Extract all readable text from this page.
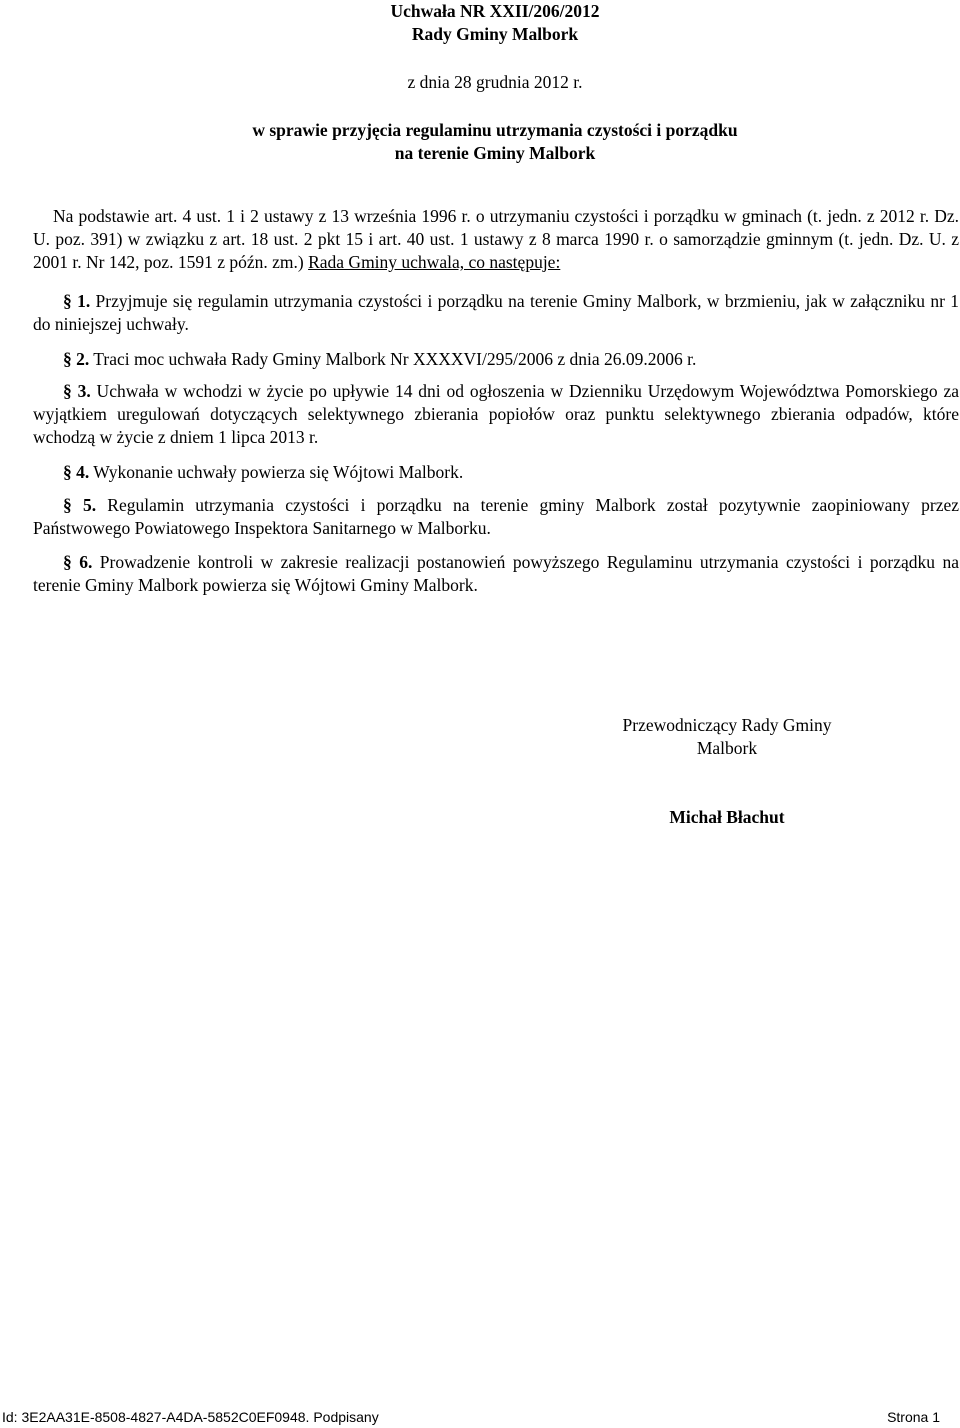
Uchwała NR XXII/206/2012
Rady Gminy Malbork
z dnia 28 grudnia 2012 r.
w sprawie przyjęcia regulaminu utrzymania czystości i porządku
na terenie Gminy Malbork
Na podstawie art. 4 ust. 1 i 2 ustawy z 13 września 1996 r. o utrzymaniu czystości i porządku w gminach (t. jedn. z 2012 r. Dz. U. poz. 391) w związku z art. 18 ust. 2 pkt 15 i art. 40 ust. 1 ustawy z 8 marca 1990 r. o samorządzie gminnym (t. jedn. Dz. U. z 2001 r. Nr 142, poz. 1591 z późn. zm.) Rada Gminy uchwala, co następuje:
§ 1. Przyjmuje się regulamin utrzymania czystości i porządku na terenie Gminy Malbork, w brzmieniu, jak w załączniku nr 1 do niniejszej uchwały.
§ 2. Traci moc uchwała Rady Gminy Malbork Nr XXXXVI/295/2006 z dnia 26.09.2006 r.
§ 3. Uchwała w wchodzi w życie po upływie 14 dni od ogłoszenia w Dzienniku Urzędowym Województwa Pomorskiego za wyjątkiem uregulowań dotyczących selektywnego zbierania popiołów oraz punktu selektywnego zbierania odpadów, które wchodzą w życie z dniem 1 lipca 2013 r.
§ 4. Wykonanie uchwały powierza się Wójtowi Malbork.
§ 5. Regulamin utrzymania czystości i porządku na terenie gminy Malbork został pozytywnie zaopiniowany przez Państwowego Powiatowego Inspektora Sanitarnego w Malborku.
§ 6. Prowadzenie kontroli w zakresie realizacji postanowień powyższego Regulaminu utrzymania czystości i porządku na terenie Gminy Malbork powierza się Wójtowi Gminy Malbork.
Przewodniczący Rady Gminy
Malbork
Michał Błachut
Id: 3E2AA31E-8508-4827-A4DA-5852C0EF0948. Podpisany	Strona 1
